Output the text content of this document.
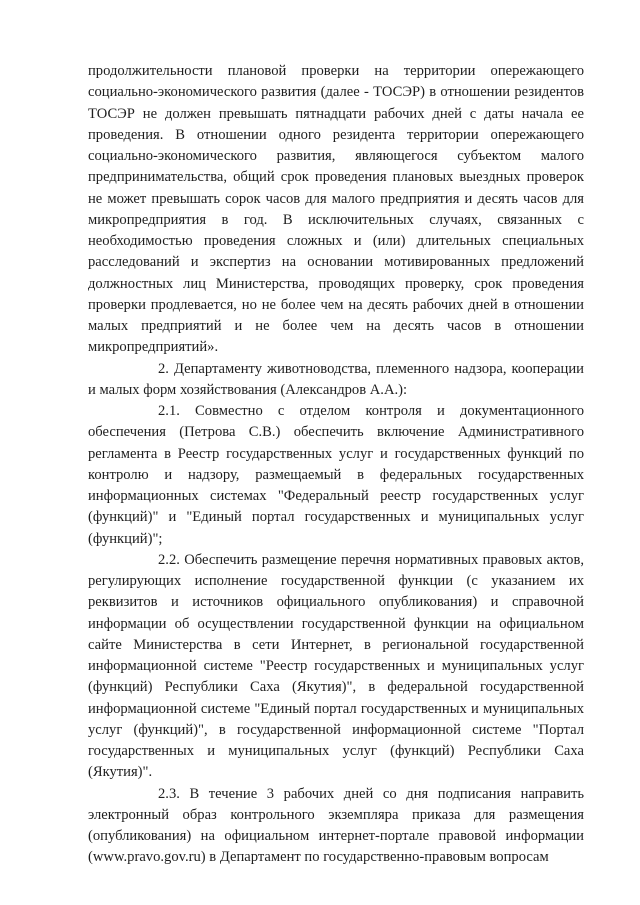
продолжительности плановой проверки на территории опережающего социально-экономического развития (далее - ТОСЭР) в отношении резидентов ТОСЭР не должен превышать пятнадцати рабочих дней с даты начала ее проведения. В отношении одного резидента территории опережающего социально-экономического развития, являющегося субъектом малого предпринимательства, общий срок проведения плановых выездных проверок не может превышать сорок часов для малого предприятия и десять часов для микропредприятия в год. В исключительных случаях, связанных с необходимостью проведения сложных и (или) длительных специальных расследований и экспертиз на основании мотивированных предложений должностных лиц Министерства, проводящих проверку, срок проведения проверки продлевается, но не более чем на десять рабочих дней в отношении малых предприятий и не более чем на десять часов в отношении микропредприятий».

2. Департаменту животноводства, племенного надзора, кооперации и малых форм хозяйствования (Александров А.А.):

2.1. Совместно с отделом контроля и документационного обеспечения (Петрова С.В.) обеспечить включение Административного регламента в Реестр государственных услуг и государственных функций по контролю и надзору, размещаемый в федеральных государственных информационных системах "Федеральный реестр государственных услуг (функций)" и "Единый портал государственных и муниципальных услуг (функций)";

2.2. Обеспечить размещение перечня нормативных правовых актов, регулирующих исполнение государственной функции (с указанием их реквизитов и источников официального опубликования) и справочной информации об осуществлении государственной функции на официальном сайте Министерства в сети Интернет, в региональной государственной информационной системе "Реестр государственных и муниципальных услуг (функций) Республики Саха (Якутия)", в федеральной государственной информационной системе "Единый портал государственных и муниципальных услуг (функций)", в государственной информационной системе "Портал государственных и муниципальных услуг (функций) Республики Саха (Якутия)".

2.3. В течение 3 рабочих дней со дня подписания направить электронный образ контрольного экземпляра приказа для размещения (опубликования) на официальном интернет-портале правовой информации (www.pravo.gov.ru) в Департамент по государственно-правовым вопросам
